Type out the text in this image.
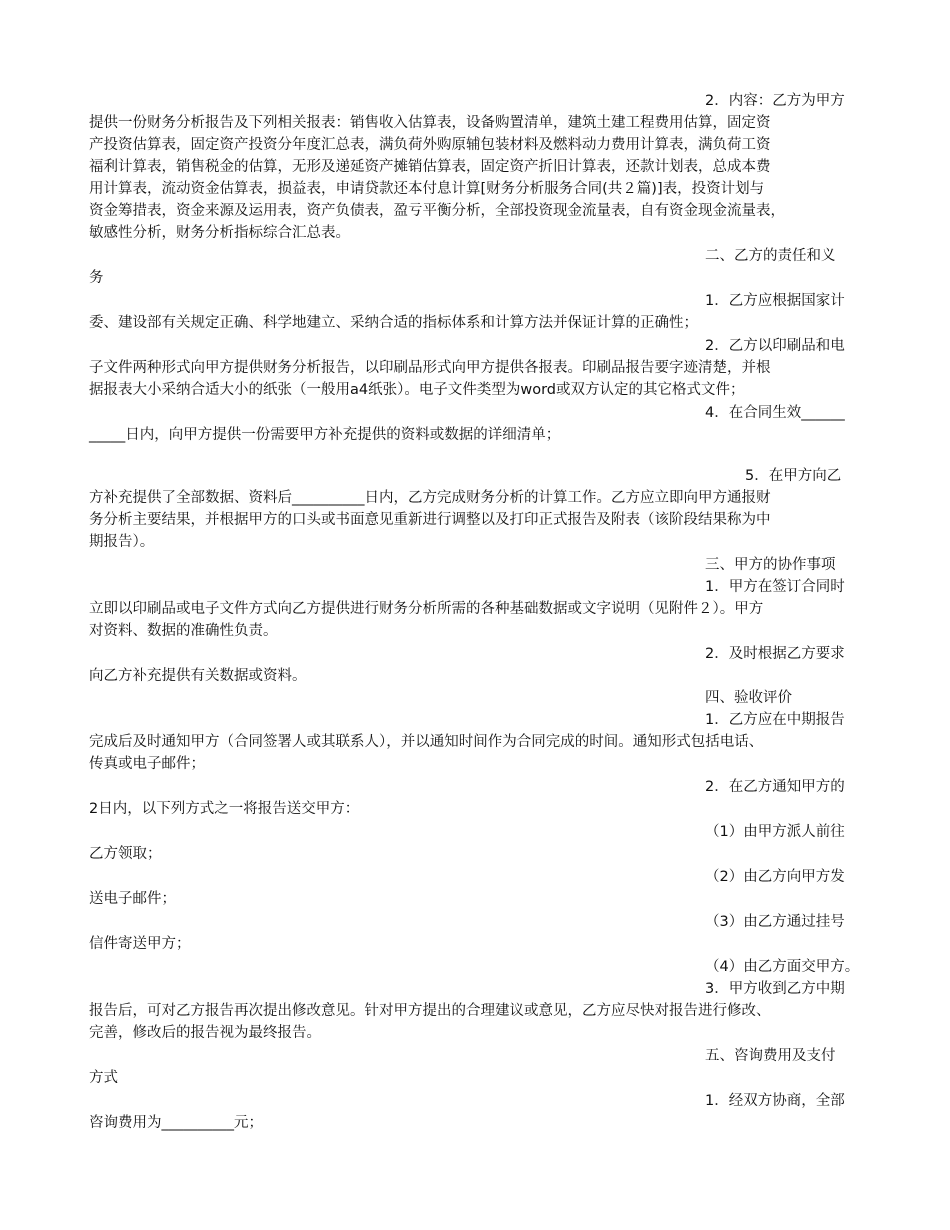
2．内容：乙方为甲方
提供一份财务分析报告及下列相关报表：销售收入估算表，设备购置清单，建筑土建工程费用估算，固定资
产投资估算表，固定资产投资分年度汇总表，满负荷外购原辅包装材料及燃料动力费用计算表，满负荷工资
福利计算表，销售税金的估算，无形及递延资产摊销估算表，固定资产折旧计算表，还款计划表，总成本费
用计算表，流动资金估算表，损益表，申请贷款还本付息计算[财务分析服务合同(共２篇)]表，投资计划与
资金筹措表，资金来源及运用表，资产负债表，盈亏平衡分析，全部投资现金流量表，自有资金现金流量表，
敏感性分析，财务分析指标综合汇总表。
二、乙方的责任和义
务
1．乙方应根据国家计
委、建设部有关规定正确、科学地建立、采纳合适的指标体系和计算方法并保证计算的正确性；
2．乙方以印刷品和电
子文件两种形式向甲方提供财务分析报告，以印刷品形式向甲方提供各报表。印刷品报告要字迹清楚，并根
据报表大小采纳合适大小的纸张（一般用a4纸张）。电子文件类型为word或双方认定的其它格式文件；
4．在合同生效______
_____日内，向甲方提供一份需要甲方补充提供的资料或数据的详细清单；
5．在甲方向乙
方补充提供了全部数据、资料后__________日内，乙方完成财务分析的计算工作。乙方应立即向甲方通报财
务分析主要结果，并根据甲方的口头或书面意见重新进行调整以及打印正式报告及附表（该阶段结果称为中
期报告）。
三、甲方的协作事项
1．甲方在签订合同时
立即以印刷品或电子文件方式向乙方提供进行财务分析所需的各种基础数据或文字说明（见附件２）。甲方
对资料、数据的准确性负责。
2．及时根据乙方要求
向乙方补充提供有关数据或资料。
四、验收评价
1．乙方应在中期报告
完成后及时通知甲方（合同签署人或其联系人），并以通知时间作为合同完成的时间。通知形式包括电话、
传真或电子邮件；
2．在乙方通知甲方的
2日内，以下列方式之一将报告送交甲方：
（1）由甲方派人前往
乙方领取；
（2）由乙方向甲方发
送电子邮件；
（3）由乙方通过挂号
信件寄送甲方；
（4）由乙方面交甲方。
3．甲方收到乙方中期
报告后，可对乙方报告再次提出修改意见。针对甲方提出的合理建议或意见，乙方应尽快对报告进行修改、
完善，修改后的报告视为最终报告。
五、咨询费用及支付
方式
1．经双方协商，全部
咨询费用为__________元；
